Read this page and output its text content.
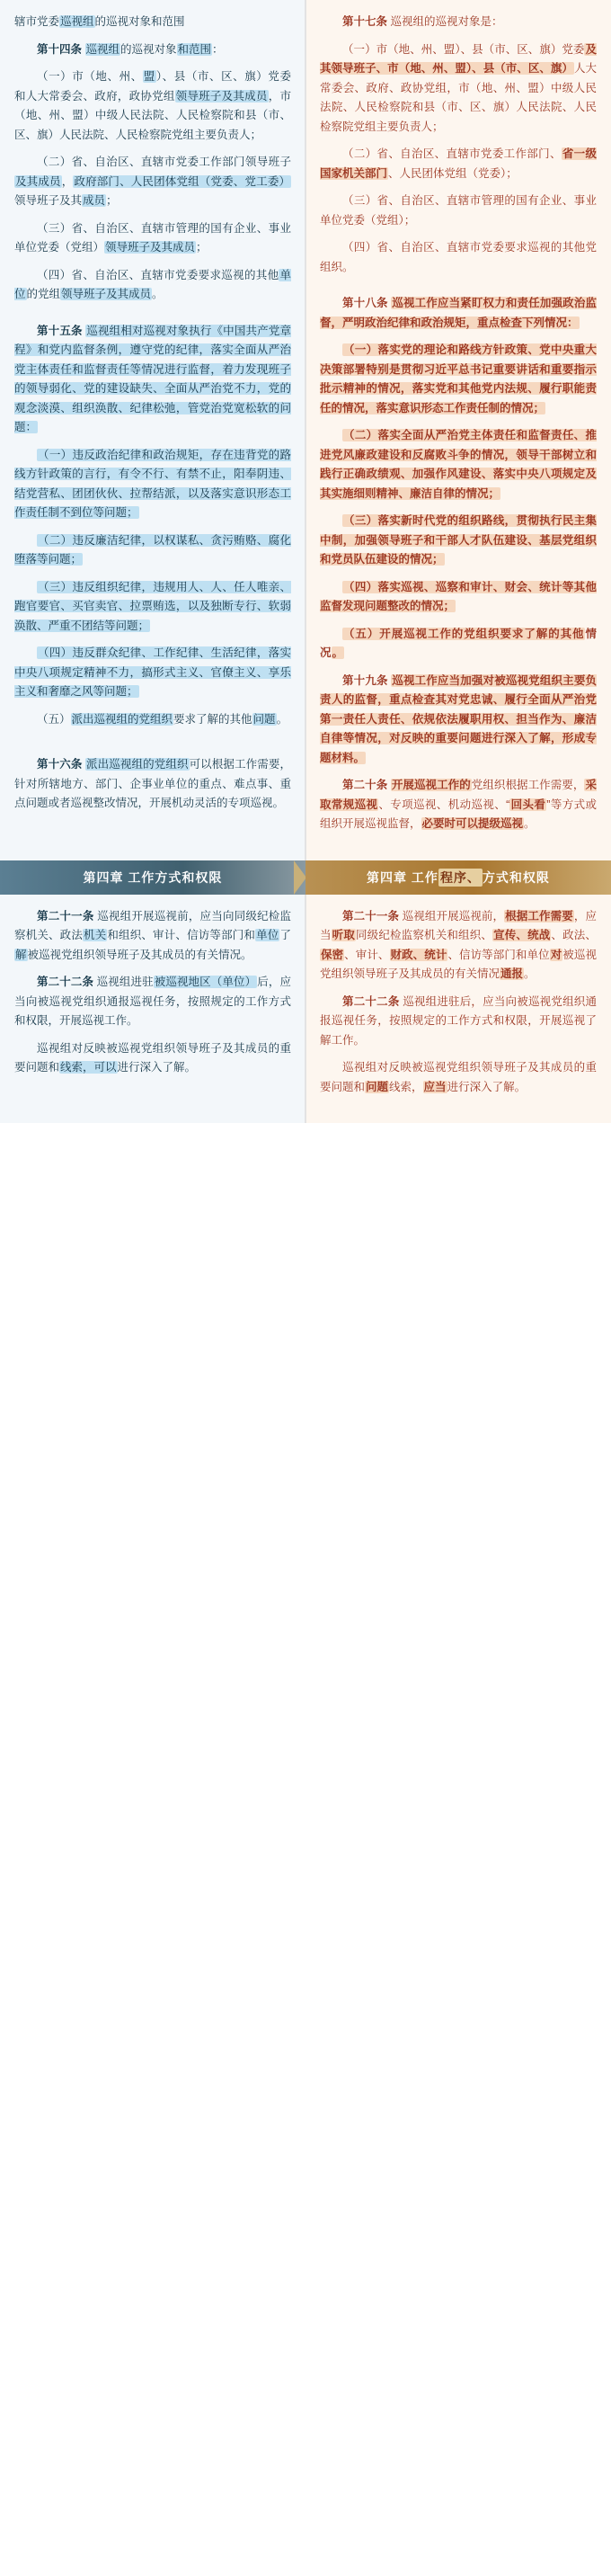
辖市党委巡视组的巡视对象和范围

第十四条 巡视组的巡视对象和范围：

（一）市（地、州、盟）、县（市、区、旗）党委和人大常委会、政府，政协党组领导班子及其成员，市（地、州、盟）中级人民法院、人民检察院和县（市、区、旗）人民法院、人民检察院党组主要负责人；

（二）省、自治区、直辖市党委工作部门领导班子及其成员，政府部门、人民团体党组（党委、党工委）领导班子及其成员；

（三）省、自治区、直辖市管理的国有企业、事业单位党委（党组）领导班子及其成员；

（四）省、自治区、直辖市党委要求巡视的其他单位的党组领导班子及其成员。

第十五条 巡视组相对巡视对象执行《中国共产党章程》和党内监督条例，遵守党的纪律，落实全面从严治党主体责任和监督责任等情况进行监督，着力发现班子的领导弱化、党的建设缺失、全面从严治党不力，党的观念淡漠、组织涣散、纪律松弛，管党治党宽松软的问题：

（一）违反政治纪律和政治规矩，存在违背党的路线方针政策的言行，有令不行、有禁不止，阳奉阴违、结党营私、团团伙伙、拉帮结派，以及落实意识形态工作责任制不到位等问题；

（二）违反廉洁纪律，以权谋私、贪污贿赂、腐化堕落等问题；

（三）违反组织纪律，违规用人、人、任人唯亲、跑官要官、买官卖官、拉票贿选，以及独断专行、软弱涣散、严重不团结等问题；

（四）违反群众纪律、工作纪律、生活纪律，落实中央八项规定精神不力，搞形式主义、官僚主义、享乐主义和奢靡之风等问题；

（五）派出巡视组的党组织要求了解的其他问题。

第十六条 派出巡视组的党组织可以根据工作需要，针对所辖地方、部门、企事业单位的重点、难点事、重点问题或者巡视整改情况，开展机动灵活的专项巡视。

第十七条 巡视组的巡视对象是：

（一）市（地、州、盟）、县（市、区、旗）党委及其领导班子、市（地、州、盟）、县（市、区、旗）人大常委会、政府、政协党组，市（地、州、盟）中级人民法院、人民检察院和县（市、区、旗）人民法院、人民检察院党组主要负责人；

（二）省、自治区、直辖市党委工作部门、省一级国家机关部门、人民团体党组（党委）；

（三）省、自治区、直辖市管理的国有企业、事业单位党委（党组）；

（四）省、自治区、直辖市党委要求巡视的其他党组织。

第十八条 巡视工作应当紧盯权力和责任加强政治监督，严明政治纪律和政治规矩，重点检查下列情况：

（一）落实党的理论和路线方针政策、党中央重大决策部署特别是贯彻习近平总书记重要讲话和重要指示批示精神的情况，落实党和其他党内法规、履行职能责任的情况，落实意识形态工作责任制的情况；

（二）落实全面从严治党主体责任和监督责任、推进党风廉政建设和反腐败斗争的情况，领导干部树立和践行正确政绩观、加强作风建设、落实中央八项规定及其实施细则精神、廉洁自律的情况；

（三）落实新时代党的组织路线，贯彻执行民主集中制，加强领导班子和干部人才队伍建设、基层党组织和党员队伍建设的情况；

（四）落实巡视、巡察和审计、财会、统计等其他监督发现问题整改的情况；

（五）开展巡视工作的党组织要求了解的其他情况。

第十九条 巡视工作应当加强对被巡视党组织主要负责人的监督，重点检查其对党忠诚、履行全面从严治党第一责任人责任、依规依法履职用权、担当作为、廉洁自律等情况，对反映的重要问题进行深入了解，形成专题材料。

第二十条 开展巡视工作的党组织根据工作需要，采取常规巡视、专项巡视、机动巡视、“回头看”等方式或组织开展巡视监督，必要时可以提级巡视。

第四章 工作方式和权限	第四章 工作 程序、 方式和权限

第二十一条 巡视组开展巡视前，应当向同级纪检监察机关、政法机关和组织、审计、信访等部门和单位了解被巡视党组织领导班子及其成员的有关情况。

第二十二条 巡视组进驻被巡视地区（单位）后，应当向被巡视党组织通报巡视任务，按照规定的工作方式和权限，开展巡视工作。

巡视组对反映被巡视党组织领导班子及其成员的重要问题和线索，可以进行深入了解。

第二十一条 巡视组开展巡视前，根据工作需要，应当听取同级纪检监察机关和组织、宣传、统战、政法、保密、审计、财政、统计、信访等部门和单位对被巡视党组织领导班子及其成员的有关情况通报。

第二十二条 巡视组进驻后，应当向被巡视党组织通报巡视任务，按照规定的工作方式和权限，开展巡视了解工作。

巡视组对反映被巡视党组织领导班子及其成员的重要问题和问题线索，应当进行深入了解。
